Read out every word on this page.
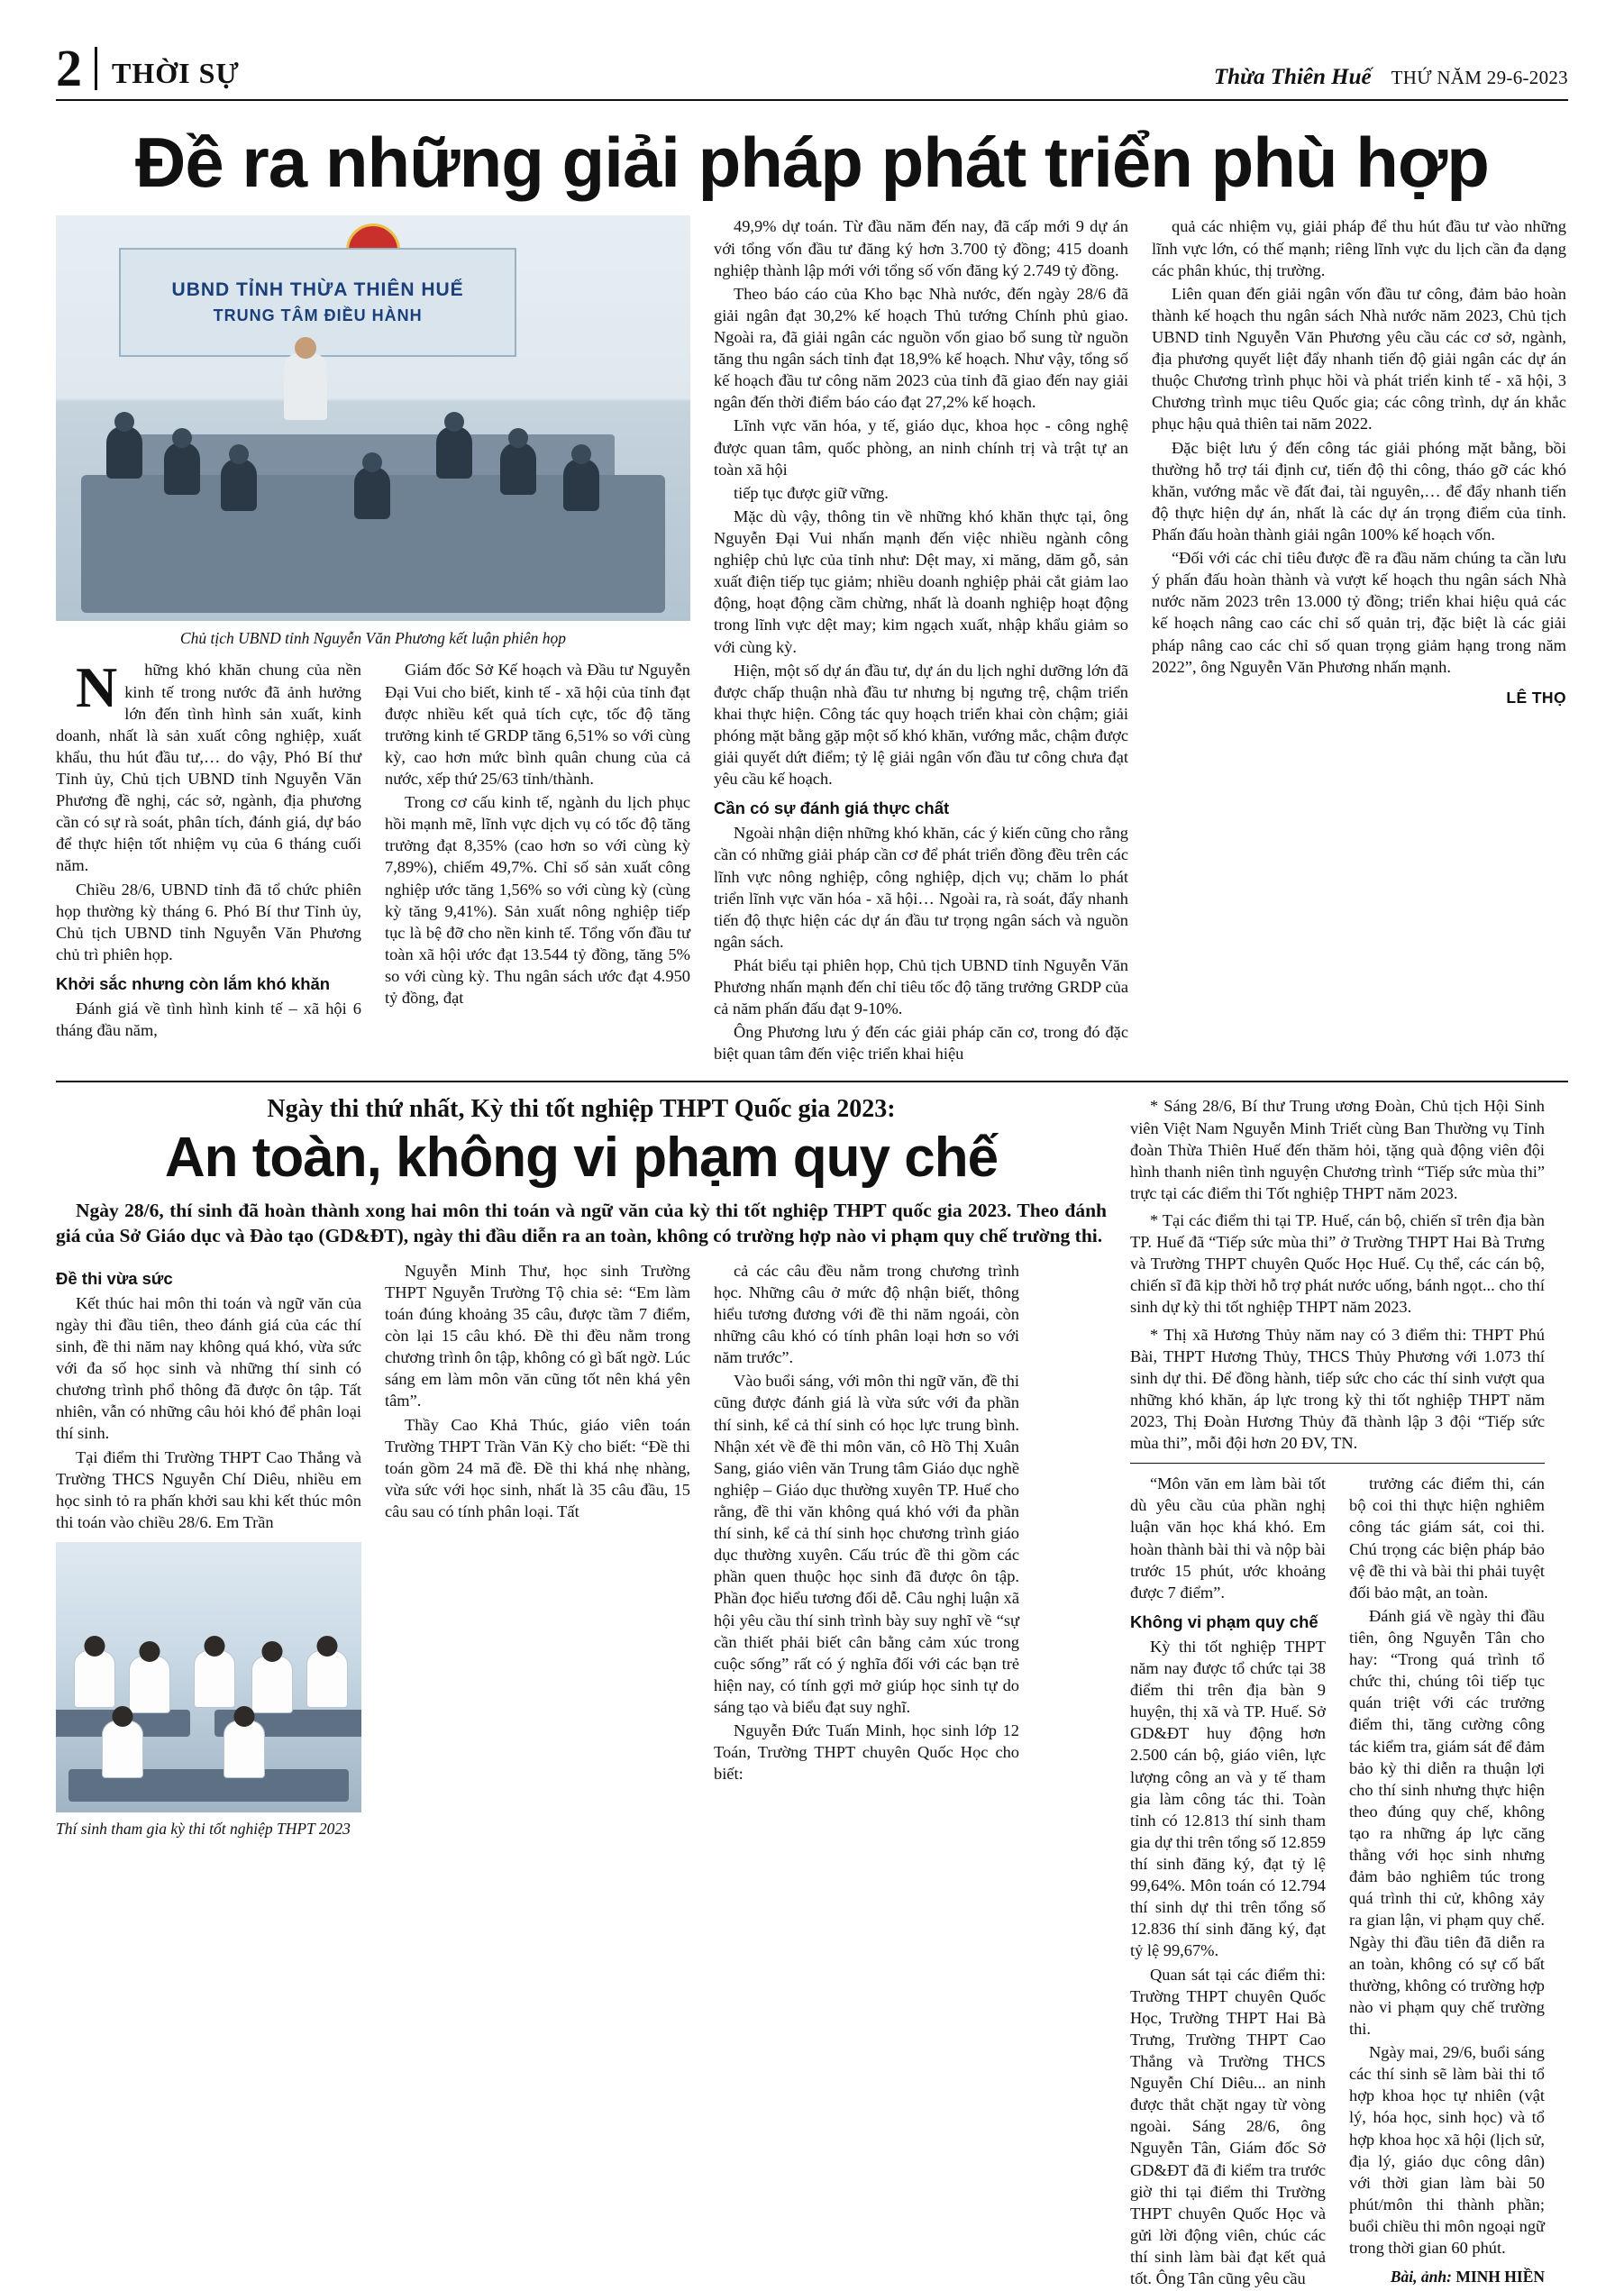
2	THỜI SỰ	Thừa Thiên Huế THỨ NĂM 29-6-2023
Đề ra những giải pháp phát triển phù hợp
UBND TỈNH THỪA THIÊN HUẾ
TRUNG TÂM ĐIỀU HÀNH
Chủ tịch UBND tỉnh Nguyễn Văn Phương kết luận phiên họp

Những khó khăn chung của nền kinh tế trong nước đã ảnh hưởng lớn đến tình hình sản xuất, kinh doanh, nhất là sản xuất công nghiệp, xuất khẩu, thu hút đầu tư,… do vậy, Phó Bí thư Tỉnh ủy, Chủ tịch UBND tỉnh Nguyễn Văn Phương đề nghị, các sở, ngành, địa phương cần có sự rà soát, phân tích, đánh giá, dự báo để thực hiện tốt nhiệm vụ của 6 tháng cuối năm.

Chiều 28/6, UBND tỉnh đã tổ chức phiên họp thường kỳ tháng 6. Phó Bí thư Tỉnh ủy, Chủ tịch UBND tỉnh Nguyễn Văn Phương chủ trì phiên họp.

Khởi sắc nhưng còn lắm khó khăn

Đánh giá về tình hình kinh tế – xã hội 6 tháng đầu năm,

Giám đốc Sở Kế hoạch và Đầu tư Nguyễn Đại Vui cho biết, kinh tế - xã hội của tỉnh đạt được nhiều kết quả tích cực, tốc độ tăng trưởng kinh tế GRDP tăng 6,51% so với cùng kỳ, cao hơn mức bình quân chung của cả nước, xếp thứ 25/63 tỉnh/thành.

Trong cơ cấu kinh tế, ngành du lịch phục hồi mạnh mẽ, lĩnh vực dịch vụ có tốc độ tăng trưởng đạt 8,35% (cao hơn so với cùng kỳ 7,89%), chiếm 49,7%. Chỉ số sản xuất công nghiệp ước tăng 1,56% so với cùng kỳ (cùng kỳ tăng 9,41%). Sản xuất nông nghiệp tiếp tục là bệ đỡ cho nền kinh tế. Tổng vốn đầu tư toàn xã hội ước đạt 13.544 tỷ đồng, tăng 5% so với cùng kỳ. Thu ngân sách ước đạt 4.950 tỷ đồng, đạt

49,9% dự toán. Từ đầu năm đến nay, đã cấp mới 9 dự án với tổng vốn đầu tư đăng ký hơn 3.700 tỷ đồng; 415 doanh nghiệp thành lập mới với tổng số vốn đăng ký 2.749 tỷ đồng.

Theo báo cáo của Kho bạc Nhà nước, đến ngày 28/6 đã giải ngân đạt 30,2% kế hoạch Thủ tướng Chính phủ giao. Ngoài ra, đã giải ngân các nguồn vốn giao bổ sung từ nguồn tăng thu ngân sách tỉnh đạt 18,9% kế hoạch. Như vậy, tổng số kế hoạch đầu tư công năm 2023 của tỉnh đã giao đến nay giải ngân đến thời điểm báo cáo đạt 27,2% kế hoạch.

Lĩnh vực văn hóa, y tế, giáo dục, khoa học - công nghệ được quan tâm, quốc phòng, an ninh chính trị và trật tự an toàn xã hội

tiếp tục được giữ vững.

Mặc dù vậy, thông tin về những khó khăn thực tại, ông Nguyễn Đại Vui nhấn mạnh đến việc nhiều ngành công nghiệp chủ lực của tỉnh như: Dệt may, xi măng, dăm gỗ, sản xuất điện tiếp tục giảm; nhiều doanh nghiệp phải cắt giảm lao động, hoạt động cầm chừng, nhất là doanh nghiệp hoạt động trong lĩnh vực dệt may; kim ngạch xuất, nhập khẩu giảm so với cùng kỳ.

Hiện, một số dự án đầu tư, dự án du lịch nghỉ dưỡng lớn đã được chấp thuận nhà đầu tư nhưng bị ngưng trệ, chậm triển khai thực hiện. Công tác quy hoạch triển khai còn chậm; giải phóng mặt bằng gặp một số khó khăn, vướng mắc, chậm được giải quyết dứt điểm; tỷ lệ giải ngân vốn đầu tư công chưa đạt yêu cầu kế hoạch.

Cần có sự đánh giá thực chất

Ngoài nhận diện những khó khăn, các ý kiến cũng cho rằng cần có những giải pháp cần cơ để phát triển đồng đều trên các lĩnh vực nông nghiệp, công nghiệp, dịch vụ; chăm lo phát triển lĩnh vực văn hóa - xã hội… Ngoài ra, rà soát, đẩy nhanh tiến độ thực hiện các dự án đầu tư trọng ngân sách và nguồn ngân sách.

Phát biểu tại phiên họp, Chủ tịch UBND tỉnh Nguyễn Văn Phương nhấn mạnh đến chỉ tiêu tốc độ tăng trưởng GRDP của cả năm phấn đấu đạt 9-10%.

Ông Phương lưu ý đến các giải pháp căn cơ, trong đó đặc biệt quan tâm đến việc triển khai hiệu

quả các nhiệm vụ, giải pháp để thu hút đầu tư vào những lĩnh vực lớn, có thế mạnh; riêng lĩnh vực du lịch cần đa dạng các phân khúc, thị trường.

Liên quan đến giải ngân vốn đầu tư công, đảm bảo hoàn thành kế hoạch thu ngân sách Nhà nước năm 2023, Chủ tịch UBND tỉnh Nguyễn Văn Phương yêu cầu các cơ sở, ngành, địa phương quyết liệt đẩy nhanh tiến độ giải ngân các dự án thuộc Chương trình phục hồi và phát triển kinh tế - xã hội, 3 Chương trình mục tiêu Quốc gia; các công trình, dự án khắc phục hậu quả thiên tai năm 2022.

Đặc biệt lưu ý đến công tác giải phóng mặt bằng, bồi thường hỗ trợ tái định cư, tiến độ thi công, tháo gỡ các khó khăn, vướng mắc về đất đai, tài nguyên,… để đẩy nhanh tiến độ thực hiện dự án, nhất là các dự án trọng điểm của tỉnh. Phấn đấu hoàn thành giải ngân 100% kế hoạch vốn.

“Đối với các chỉ tiêu được đề ra đầu năm chúng ta cần lưu ý phấn đấu hoàn thành và vượt kế hoạch thu ngân sách Nhà nước năm 2023 trên 13.000 tỷ đồng; triển khai hiệu quả các kế hoạch nâng cao các chỉ số quản trị, đặc biệt là các giải pháp nâng cao các chỉ số quan trọng giảm hạng trong năm 2022”, ông Nguyễn Văn Phương nhấn mạnh.

LÊ THỌ
Ngày thi thứ nhất, Kỳ thi tốt nghiệp THPT Quốc gia 2023:
An toàn, không vi phạm quy chế

Ngày 28/6, thí sinh đã hoàn thành xong hai môn thi toán và ngữ văn của kỳ thi tốt nghiệp THPT quốc gia 2023. Theo đánh giá của Sở Giáo dục và Đào tạo (GD&ĐT), ngày thi đầu diễn ra an toàn, không có trường hợp nào vi phạm quy chế trường thi.

Đề thi vừa sức

Kết thúc hai môn thi toán và ngữ văn của ngày thi đầu tiên, theo đánh giá của các thí sinh, đề thi năm nay không quá khó, vừa sức với đa số học sinh và những thí sinh có chương trình phổ thông đã được ôn tập. Tất nhiên, vẫn có những câu hỏi khó để phân loại thí sinh.

Tại điểm thi Trường THPT Cao Thắng và Trường THCS Nguyễn Chí Diêu, nhiều em học sinh tỏ ra phấn khởi sau khi kết thúc môn thi toán vào chiều 28/6. Em Trần

Thí sinh tham gia kỳ thi tốt nghiệp THPT 2023

Nguyễn Minh Thư, học sinh Trường THPT Nguyễn Trường Tộ chia sẻ: “Em làm toán đúng khoảng 35 câu, được tầm 7 điểm, còn lại 15 câu khó. Đề thi đều nằm trong chương trình ôn tập, không có gì bất ngờ. Lúc sáng em làm môn văn cũng tốt nên khá yên tâm”.

Thầy Cao Khả Thúc, giáo viên toán Trường THPT Trần Văn Kỳ cho biết: “Đề thi toán gồm 24 mã đề. Đề thi khá nhẹ nhàng, vừa sức với học sinh, nhất là 35 câu đầu, 15 câu sau có tính phân loại. Tất

cả các câu đều nằm trong chương trình học. Những câu ở mức độ nhận biết, thông hiểu tương đương với đề thi năm ngoái, còn những câu khó có tính phân loại hơn so với năm trước”.

Vào buổi sáng, với môn thi ngữ văn, đề thi cũng được đánh giá là vừa sức với đa phần thí sinh, kể cả thí sinh có học lực trung bình. Nhận xét về đề thi môn văn, cô Hồ Thị Xuân Sang, giáo viên văn Trung tâm Giáo dục nghề nghiệp – Giáo dục thường xuyên TP. Huế cho rằng, đề thi văn không quá khó với đa phần thí sinh, kể cả thí sinh học chương trình giáo dục thường xuyên. Cấu trúc đề thi gồm các phần quen thuộc học sinh đã được ôn tập. Phần đọc hiểu tương đối dễ. Câu nghị luận xã hội yêu cầu thí sinh trình bày suy nghĩ về “sự cần thiết phải biết cân bằng cảm xúc trong cuộc sống” rất có ý nghĩa đối với các bạn trẻ hiện nay, có tính gợi mở giúp học sinh tự do sáng tạo và biểu đạt suy nghĩ.

Nguyễn Đức Tuấn Minh, học sinh lớp 12 Toán, Trường THPT chuyên Quốc Học cho biết:

* Sáng 28/6, Bí thư Trung ương Đoàn, Chủ tịch Hội Sinh viên Việt Nam Nguyễn Minh Triết cùng Ban Thường vụ Tỉnh đoàn Thừa Thiên Huế đến thăm hỏi, tặng quà động viên đội hình thanh niên tình nguyện Chương trình “Tiếp sức mùa thi” trực tại các điểm thi Tốt nghiệp THPT năm 2023.

* Tại các điểm thi tại TP. Huế, cán bộ, chiến sĩ trên địa bàn TP. Huế đã “Tiếp sức mùa thi” ở Trường THPT Hai Bà Trưng và Trường THPT chuyên Quốc Học Huế. Cụ thể, các cán bộ, chiến sĩ đã kịp thời hỗ trợ phát nước uống, bánh ngọt... cho thí sinh dự kỳ thi tốt nghiệp THPT năm 2023.

* Thị xã Hương Thủy năm nay có 3 điểm thi: THPT Phú Bài, THPT Hương Thủy, THCS Thủy Phương với 1.073 thí sinh dự thi. Để đồng hành, tiếp sức cho các thí sinh vượt qua những khó khăn, áp lực trong kỳ thi tốt nghiệp THPT năm 2023, Thị Đoàn Hương Thủy đã thành lập 3 đội “Tiếp sức mùa thi”, mỗi đội hơn 20 ĐV, TN.

“Môn văn em làm bài tốt dù yêu cầu của phần nghị luận văn học khá khó. Em hoàn thành bài thi và nộp bài trước 15 phút, ước khoảng được 7 điểm”.

Không vi phạm quy chế

Kỳ thi tốt nghiệp THPT năm nay được tổ chức tại 38 điểm thi trên địa bàn 9 huyện, thị xã và TP. Huế. Sở GD&ĐT huy động hơn 2.500 cán bộ, giáo viên, lực lượng công an và y tế tham gia làm công tác thi. Toàn tỉnh có 12.813 thí sinh tham gia dự thi trên tổng số 12.859 thí sinh đăng ký, đạt tỷ lệ 99,64%. Môn toán có 12.794 thí sinh dự thi trên tổng số 12.836 thí sinh đăng ký, đạt tỷ lệ 99,67%.

Quan sát tại các điểm thi: Trường THPT chuyên Quốc Học, Trường THPT Hai Bà Trưng, Trường THPT Cao Thắng và Trường THCS Nguyễn Chí Diêu... an ninh được thắt chặt ngay từ vòng ngoài. Sáng 28/6, ông Nguyễn Tân, Giám đốc Sở GD&ĐT đã đi kiểm tra trước giờ thi tại điểm thi Trường THPT chuyên Quốc Học và gửi lời động viên, chúc các thí sinh làm bài đạt kết quả tốt. Ông Tân cũng yêu cầu

trưởng các điểm thi, cán bộ coi thi thực hiện nghiêm công tác giám sát, coi thi. Chú trọng các biện pháp bảo vệ đề thi và bài thi phải tuyệt đối bảo mật, an toàn.

Đánh giá về ngày thi đầu tiên, ông Nguyễn Tân cho hay: “Trong quá trình tổ chức thi, chúng tôi tiếp tục quán triệt với các trưởng điểm thi, tăng cường công tác kiểm tra, giám sát để đảm bảo kỳ thi diễn ra thuận lợi cho thí sinh nhưng thực hiện theo đúng quy chế, không tạo ra những áp lực căng thẳng với học sinh nhưng đảm bảo nghiêm túc trong quá trình thi cử, không xảy ra gian lận, vi phạm quy chế. Ngày thi đầu tiên đã diễn ra an toàn, không có sự cố bất thường, không có trường hợp nào vi phạm quy chế trường thi.

Ngày mai, 29/6, buổi sáng các thí sinh sẽ làm bài thi tổ hợp khoa học tự nhiên (vật lý, hóa học, sinh học) và tổ hợp khoa học xã hội (lịch sử, địa lý, giáo dục công dân) với thời gian làm bài 50 phút/môn thi thành phần; buổi chiều thi môn ngoại ngữ trong thời gian 60 phút.

Bài, ảnh: MINH HIỀN
